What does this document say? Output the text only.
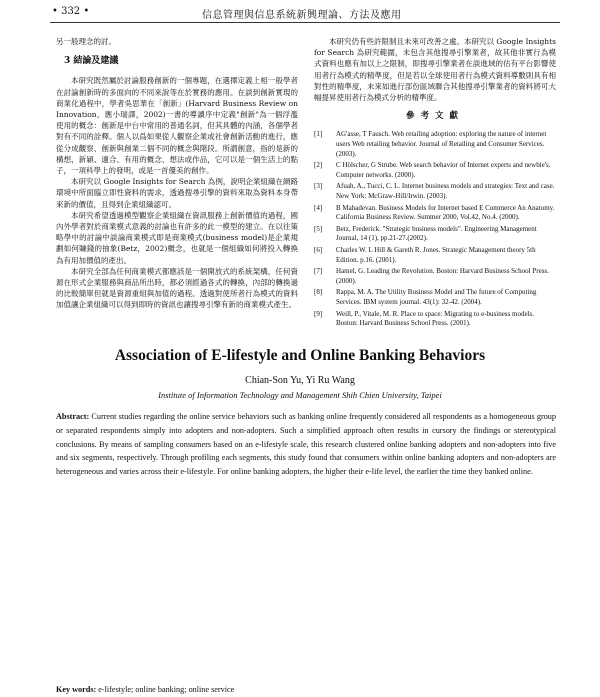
• 332 •	信息管理與信息系統新興理論、方法及應用

另一般理念的討。

3 結論及建議

本研究既然屬於討論服務創新的一個專題，在選擇定義上相一般學者在討論創新時的多面向的不同來說等在於實務的應用。在談到創新實現的商業化過程中，學者吳思華在「創新」(Harvard Business Review on Innovation，應小瑞譯，2002)一書的導讀序中定義"創新"為一個浮濫使用的概念：創新是中台中常用的普通名詞，但其具體的內涵，各個學者對有不同的詮釋。個人以爲如果從人觀察企業或社會創新活動的進行，應從分成觀察、創新與創業二個不同的概念與階段。所謂創意，指的是新的構想，新穎、適合、有用的概念、想法或作品，它可以是一個生活上的點子，一項科學上的發明，或是一首優美的創作。

本研究以 Google Insights for Search 為例，說明企業組織在網路環境中所面臨立即性資料的需求，透過搜尋引擎的資料來取為資料本身帶來新的價值，且得到企業組織認可。

本研究希望透過模型觀察企業組織在資訊服務上創新價值的過程，國內外學者對於商業模式意義的討論也有許多的此一模型的建立。在以往策略學中的討論中談論商業模式即是商業模式(business model)是企業規劃如何賺錢的抽象(Betz，2002)概念，也就是一個組織如何將投入轉換為有用加價值的產出。

本研究全部為任何商業模式都應該是一個開放式的系統架構，任何資源在形式企業服務與商品所出時，都必須經過各式的轉換，內部的轉換過的比較簡單但就是資源重組與加值的過程。透過對使所者行為模式的資料加值讓企業組織可以得到即時的資訊也讓搜尋引擎有新的商業模式產生。

本研究仍有些許限制且未來可改善之處。本研究以 Google Insights for Search 為研究範圍，未包含其他搜尋引擎業者，故其他非實行為模式資料也應有加以上之限制，即搜尋引擎業者在談進域的估有平台影響使用者行為模式的精準度，但是若以全球使用者行為模式資料導數則具有相對性的精準度，未來如進行部份區域聯合其他搜尋引擎業者的資料將可大幅提昇使用者行為模式分析的精準度。

參考文獻
[1]	AG'asse, T Fausch. Web retailing adoption: exploring the nature of internet users Web retailing behavior. Journal of Retailing and Consumer Services. (2003).
[2]	C Hölscher, G Strube. Web search behavior of Internet experts and newbie's. Computer networks. (2000).
[3]	Afuah, A., Tucci, C. L. Internet business models and strategies: Text and case. New York: McGraw-Hill/Irwin. (2003).
[4]	B Mahadevan. Business Models for Internet based E Commerce An Anatomy. California Business Review. Summer 2000, Vol.42, No.4. (2000).
[5]	Betz, Frederick. "Strategic business models". Engineering Management Journal, 14 (1), pp.21-27.(2002).
[6]	Charles W. L Hill & Gareth R. Jones. Strategic Management theory 5th Edition. p.16. (2001).
[7]	Hamel, G. Leading the Revolution. Boston: Harvard Business School Press. (2000).
[8]	Rappa, M. A. The Utility Business Model and The future of Computing Services. IBM system journal. 43(1): 32-42. (2004).
[9]	Weill, P., Vitale, M. R. Place to space: Migrating to e-business models. Boston: Harvard Business School Press. (2001).
Association of E-lifestyle and Online Banking Behaviors
Chian-Son Yu, Yi Ru Wang
Institute of Information Technology and Management Shih Chien University, Taipei
Abstract: Current studies regarding the online service behaviors such as banking online frequently considered all respondents as a homogeneous group or separated respondents simply into adopters and non-adopters. Such a simplified approach often results in cursory the findings or stereotypical conclusions. By means of sampling consumers based on an e-lifestyle scale, this research clustered online banking adopters and non-adopters into five and six segments, respectively. Through profiling each segments, this study found that consumers within online banking adopters and non-adopters are heterogeneous and varies across their e-lifestyle. For online banking adopters, the higher their e-life level, the earlier the time they banked online.
Key words: e-lifestyle; online banking; online service
